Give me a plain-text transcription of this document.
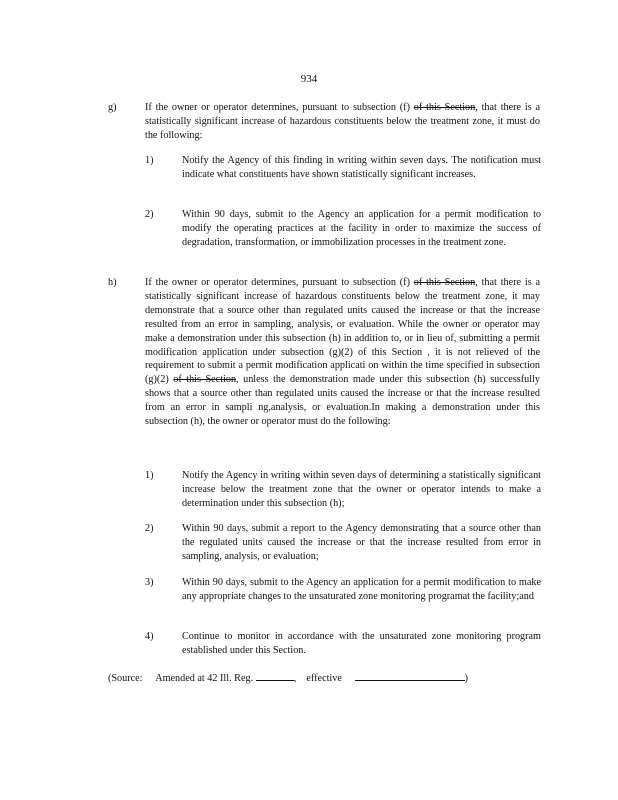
934
g)	If the owner or operator determines, pursuant to subsection (f) of this Section, that there is a statistically significant increase of hazardous constituents below the treatment zone, it must do the following:
1)	Notify the Agency of this finding in writing within seven days. The notification must indicate what constituents have shown statistically significant increases.
2)	Within 90 days, submit to the Agency an application for a permit modification to modify the operating practices at the facility in order to maximize the success of degradation, transformation, or immobilization processes in the treatment zone.
h)	If the owner or operator determines, pursuant to subsection (f) of this Section, that there is a statistically significant increase of hazardous constituents below the treatment zone, it may demonstrate that a source other than regulated units caused the increase or that the increase resulted from an error in sampling, analysis, or evaluation. While the owner or operator may make a demonstration under this subsection (h) in addition to, or in lieu of, submitting a permit modification application under subsection (g)(2) of this Section , it is not relieved of the requirement to submit a permit modification applicati on within the time specified in subsection (g)(2) of this Section, unless the demonstration made under this subsection (h) successfully shows that a source other than regulated units caused the increase or that the increase resulted from an error in sampli ng,analysis, or evaluation.In making a demonstration under this subsection (h), the owner or operator must do the following:
1)	Notify the Agency in writing within seven days of determining a statistically significant increase below the treatment zone that the owner or operator intends to make a determination under this subsection (h);
2)	Within 90 days, submit a report to the Agency demonstrating that a source other than the regulated units caused the increase or that the increase resulted from error in sampling, analysis, or evaluation;
3)	Within 90 days, submit to the Agency an application for a permit modification to make any appropriate changes to the unsaturated zone monitoring programat the facility;and
4)	Continue to monitor in accordance with the unsaturated zone monitoring program established under this Section.
(Source: Amended at 42 Ill. Reg.	, effective	)
